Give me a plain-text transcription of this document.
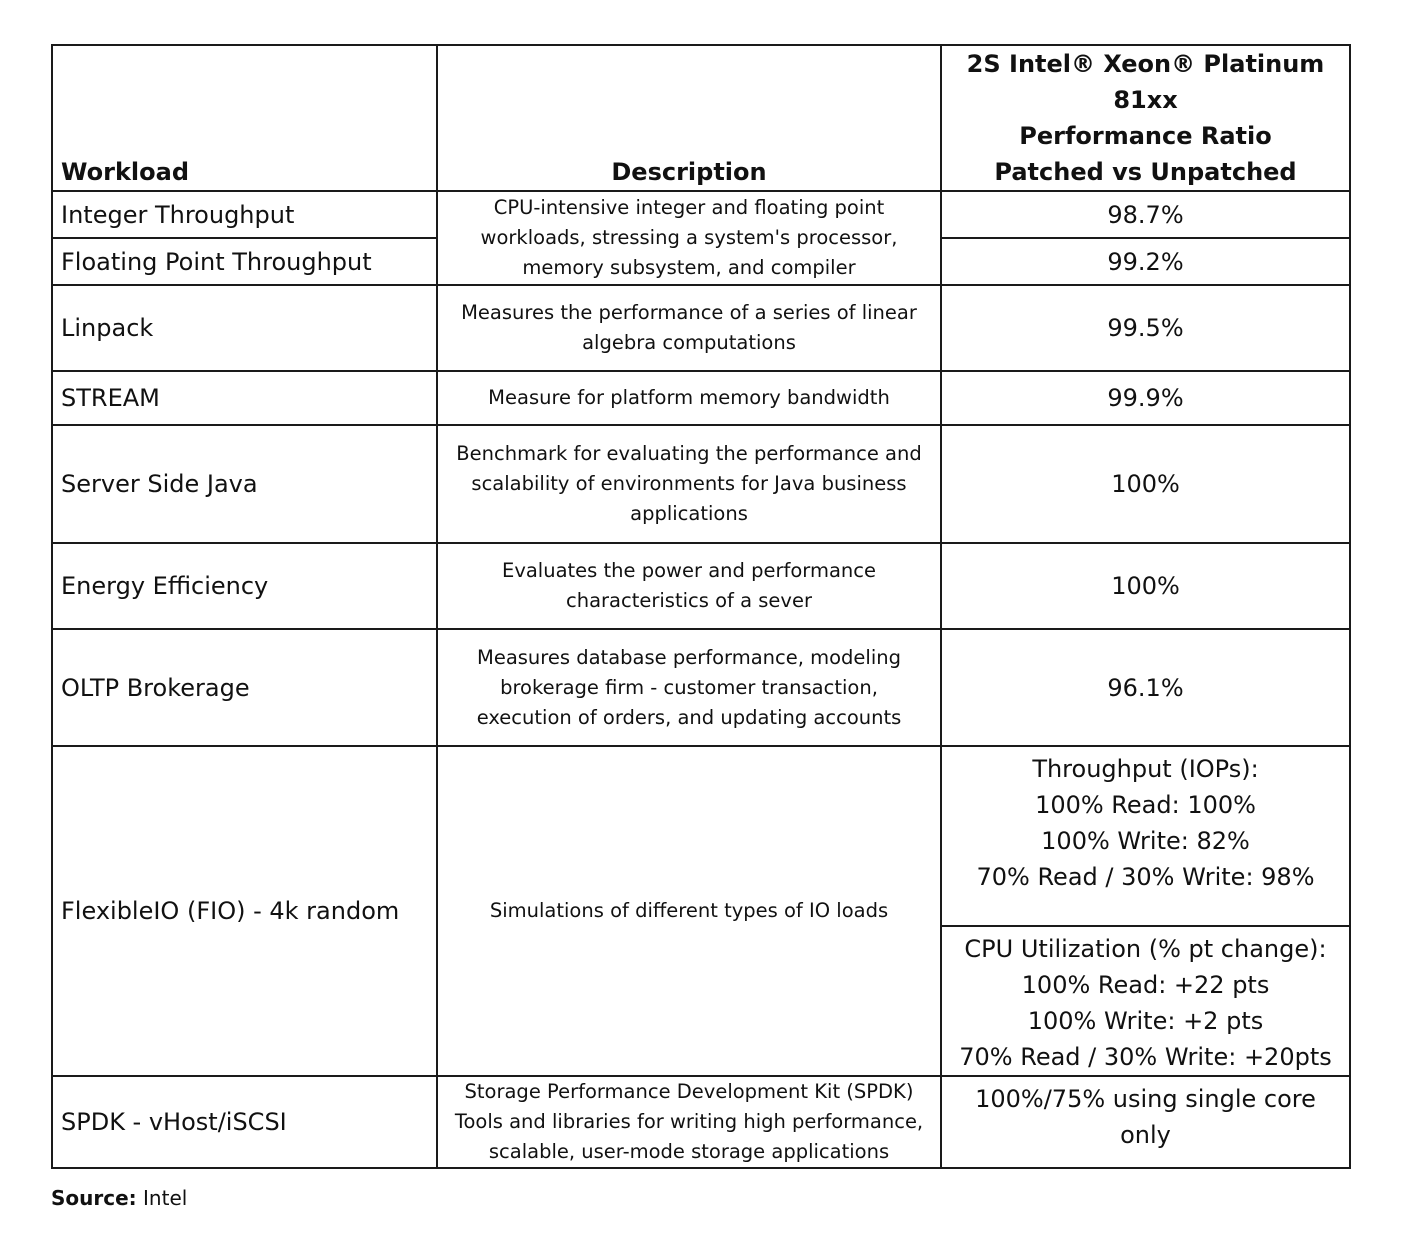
Workload	Description	2S Intel® Xeon® Platinum 81xx
Performance Ratio
Patched vs Unpatched

Integer Throughput	CPU-intensive integer and floating point
workloads, stressing a system's processor,
memory subsystem, and compiler	98.7%
Floating Point Throughput		99.2%
Linpack	Measures the performance of a series of linear
algebra computations	99.5%
STREAM	Measure for platform memory bandwidth	99.9%
Server Side Java	Benchmark for evaluating the performance and
scalability of environments for Java business
applications	100%
Energy Efficiency	Evaluates the power and performance
characteristics of a sever	100%
OLTP Brokerage	Measures database performance, modeling
brokerage firm - customer transaction,
execution of orders, and updating accounts	96.1%
FlexibleIO (FIO) - 4k random	Simulations of different types of IO loads	Throughput (IOPs):
100% Read: 100%
100% Write: 82%
70% Read / 30% Write: 98%

		CPU Utilization (% pt change):
100% Read: +22 pts
100% Write: +2 pts
70% Read / 30% Write: +20pts

SPDK - vHost/iSCSI	Storage Performance Development Kit (SPDK)
Tools and libraries for writing high performance,
scalable, user-mode storage applications	100%/75% using single core
only
Source: Intel
